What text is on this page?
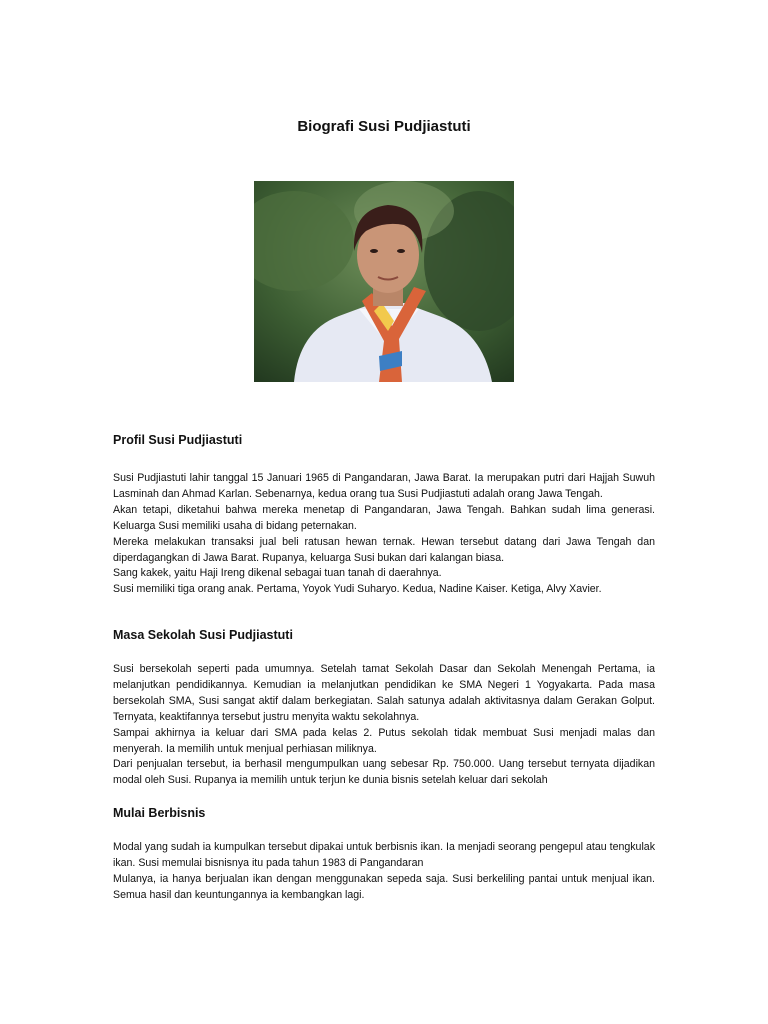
Biografi Susi Pudjiastuti
Profil Susi Pudjiastuti

Susi Pudjiastuti lahir tanggal 15 Januari 1965 di Pangandaran, Jawa Barat. Ia merupakan putri dari Hajjah Suwuh Lasminah dan Ahmad Karlan. Sebenarnya, kedua orang tua Susi Pudjiastuti adalah orang Jawa Tengah.

Akan tetapi, diketahui bahwa mereka menetap di Pangandaran, Jawa Tengah. Bahkan sudah lima generasi. Keluarga Susi memiliki usaha di bidang peternakan.

Mereka melakukan transaksi jual beli ratusan hewan ternak. Hewan tersebut datang dari Jawa Tengah dan diperdagangkan di Jawa Barat. Rupanya, keluarga Susi bukan dari kalangan biasa.

Sang kakek, yaitu Haji Ireng dikenal sebagai tuan tanah di daerahnya.

Susi memiliki tiga orang anak. Pertama, Yoyok Yudi Suharyo. Kedua, Nadine Kaiser. Ketiga, Alvy Xavier.

Masa Sekolah Susi Pudjiastuti

Susi bersekolah seperti pada umumnya. Setelah tamat Sekolah Dasar dan Sekolah Menengah Pertama, ia melanjutkan pendidikannya. Kemudian ia melanjutkan pendidikan ke SMA Negeri 1 Yogyakarta. Pada masa bersekolah SMA, Susi sangat aktif dalam berkegiatan. Salah satunya adalah aktivitasnya dalam Gerakan Golput. Ternyata, keaktifannya tersebut justru menyita waktu sekolahnya.

Sampai akhirnya ia keluar dari SMA pada kelas 2. Putus sekolah tidak membuat Susi menjadi malas dan menyerah. Ia memilih untuk menjual perhiasan miliknya.

Dari penjualan tersebut, ia berhasil mengumpulkan uang sebesar Rp. 750.000. Uang tersebut ternyata dijadikan modal oleh Susi. Rupanya ia memilih untuk terjun ke dunia bisnis setelah keluar dari sekolah

Mulai Berbisnis

Modal yang sudah ia kumpulkan tersebut dipakai untuk berbisnis ikan. Ia menjadi seorang pengepul atau tengkulak ikan. Susi memulai bisnisnya itu pada tahun 1983 di Pangandaran

Mulanya, ia hanya berjualan ikan dengan menggunakan sepeda saja. Susi berkeliling pantai untuk menjual ikan. Semua hasil dan keuntungannya ia kembangkan lagi.
